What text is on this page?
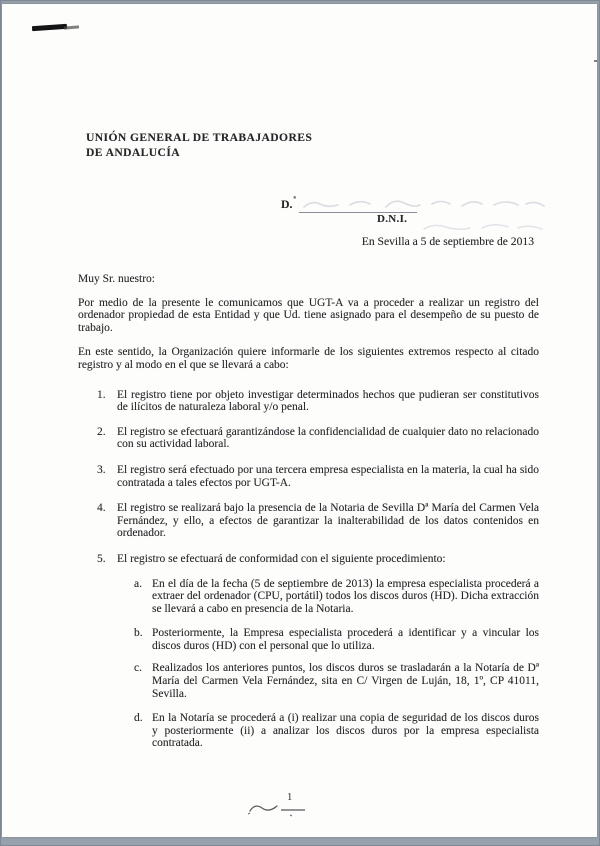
UNIÓN GENERAL DE TRABAJADORES
DE ANDALUCÍA
D.$^ª$
D.N.I.
En Sevilla a 5 de septiembre de 2013

Muy Sr. nuestro:

Por medio de la presente le comunicamos que UGT-A va a proceder a realizar un registro del ordenador propiedad de esta Entidad y que Ud. tiene asignado para el desempeño de su puesto de trabajo.

En este sentido, la Organización quiere informarle de los siguientes extremos respecto al citado registro y al modo en el que se llevará a cabo:

1. El registro tiene por objeto investigar determinados hechos que pudieran ser constitutivos de ilícitos de naturaleza laboral y/o penal.
2. El registro se efectuará garantizándose la confidencialidad de cualquier dato no relacionado con su actividad laboral.
3. El registro será efectuado por una tercera empresa especialista en la materia, la cual ha sido contratada a tales efectos por UGT-A.
4. El registro se realizará bajo la presencia de la Notaria de Sevilla Dª María del Carmen Vela Fernández, y ello, a efectos de garantizar la inalterabilidad de los datos contenidos en ordenador.
5. El registro se efectuará de conformidad con el siguiente procedimiento:
a. En el día de la fecha (5 de septiembre de 2013) la empresa especialista procederá a extraer del ordenador (CPU, portátil) todos los discos duros (HD). Dicha extracción se llevará a cabo en presencia de la Notaria.
b. Posteriormente, la Empresa especialista procederá a identificar y a vincular los discos duros (HD) con el personal que lo utiliza.
c. Realizados los anteriores puntos, los discos duros se trasladarán a la Notaría de Dª María del Carmen Vela Fernández, sita en C/ Virgen de Luján, 18, 1º, CP 41011, Sevilla.
d. En la Notaría se procederá a (i) realizar una copia de seguridad de los discos duros y posteriormente (ii) a analizar los discos duros por la empresa especialista contratada.
1
